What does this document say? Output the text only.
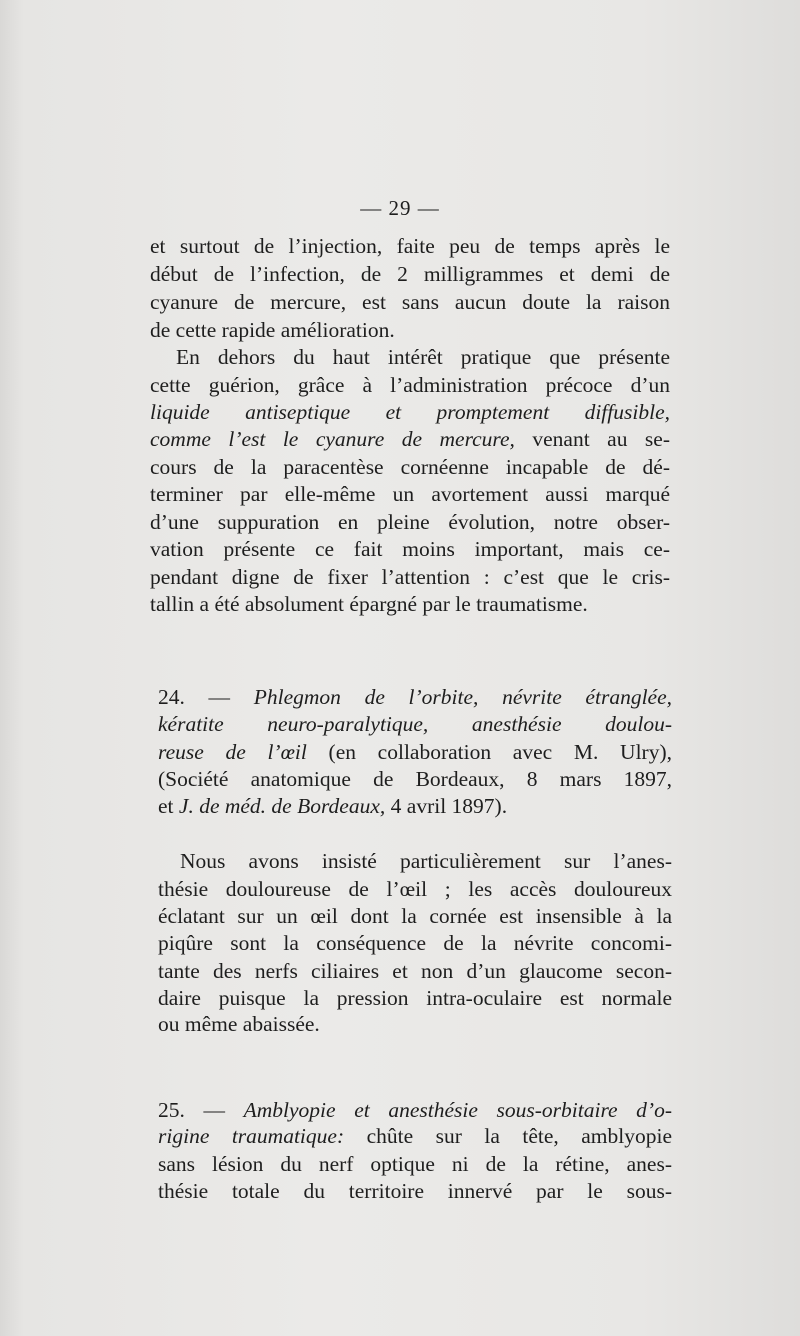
— 29 —
et surtout de l’injection, faite peu de temps après le
début de l’infection, de 2 milligrammes et demi de
cyanure de mercure, est sans aucun doute la raison
de cette rapide amélioration.
En dehors du haut intérêt pratique que présente
cette guérion, grâce à l’administration précoce d’un
liquide antiseptique et promptement diffusible,
comme l’est le cyanure de mercure, venant au se-
cours de la paracentèse cornéenne incapable de dé-
terminer par elle-même un avortement aussi marqué
d’une suppuration en pleine évolution, notre obser-
vation présente ce fait moins important, mais ce-
pendant digne de fixer l’attention : c’est que le cris-
tallin a été absolument épargné par le traumatisme.
24. — Phlegmon de l’orbite, névrite étranglée,
kératite neuro-paralytique, anesthésie doulou-
reuse de l’œil (en collaboration avec M. Ulry),
(Société anatomique de Bordeaux, 8 mars 1897,
et J. de méd. de Bordeaux, 4 avril 1897).
Nous avons insisté particulièrement sur l’anes-
thésie douloureuse de l’œil ; les accès douloureux
éclatant sur un œil dont la cornée est insensible à la
piqûre sont la conséquence de la névrite concomi-
tante des nerfs ciliaires et non d’un glaucome secon-
daire puisque la pression intra-oculaire est normale
ou même abaissée.
25. — Amblyopie et anesthésie sous-orbitaire d’o-
rigine traumatique: chûte sur la tête, amblyopie
sans lésion du nerf optique ni de la rétine, anes-
thésie totale du territoire innervé par le sous-
